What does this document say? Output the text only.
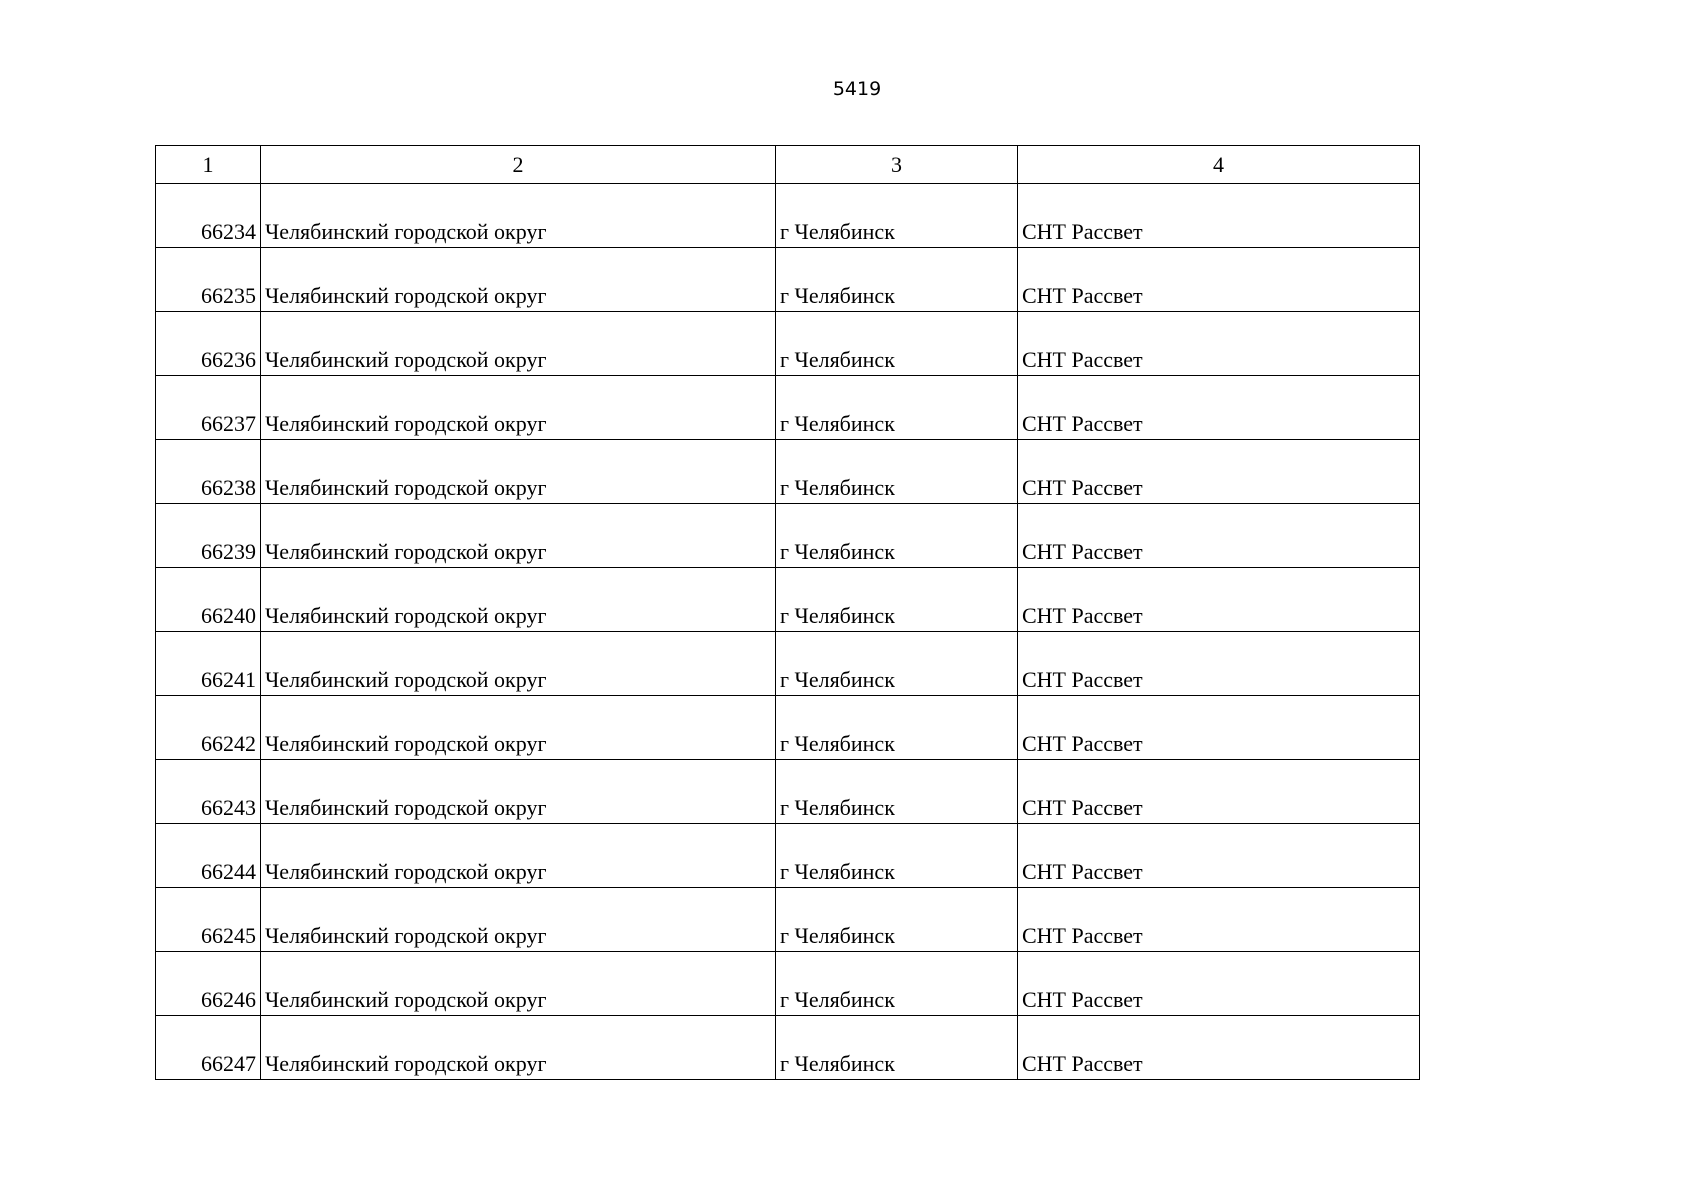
5419
1	2	3	4
66234	Челябинский городской округ	г Челябинск	СНТ Рассвет
66235	Челябинский городской округ	г Челябинск	СНТ Рассвет
66236	Челябинский городской округ	г Челябинск	СНТ Рассвет
66237	Челябинский городской округ	г Челябинск	СНТ Рассвет
66238	Челябинский городской округ	г Челябинск	СНТ Рассвет
66239	Челябинский городской округ	г Челябинск	СНТ Рассвет
66240	Челябинский городской округ	г Челябинск	СНТ Рассвет
66241	Челябинский городской округ	г Челябинск	СНТ Рассвет
66242	Челябинский городской округ	г Челябинск	СНТ Рассвет
66243	Челябинский городской округ	г Челябинск	СНТ Рассвет
66244	Челябинский городской округ	г Челябинск	СНТ Рассвет
66245	Челябинский городской округ	г Челябинск	СНТ Рассвет
66246	Челябинский городской округ	г Челябинск	СНТ Рассвет
66247	Челябинский городской округ	г Челябинск	СНТ Рассвет
